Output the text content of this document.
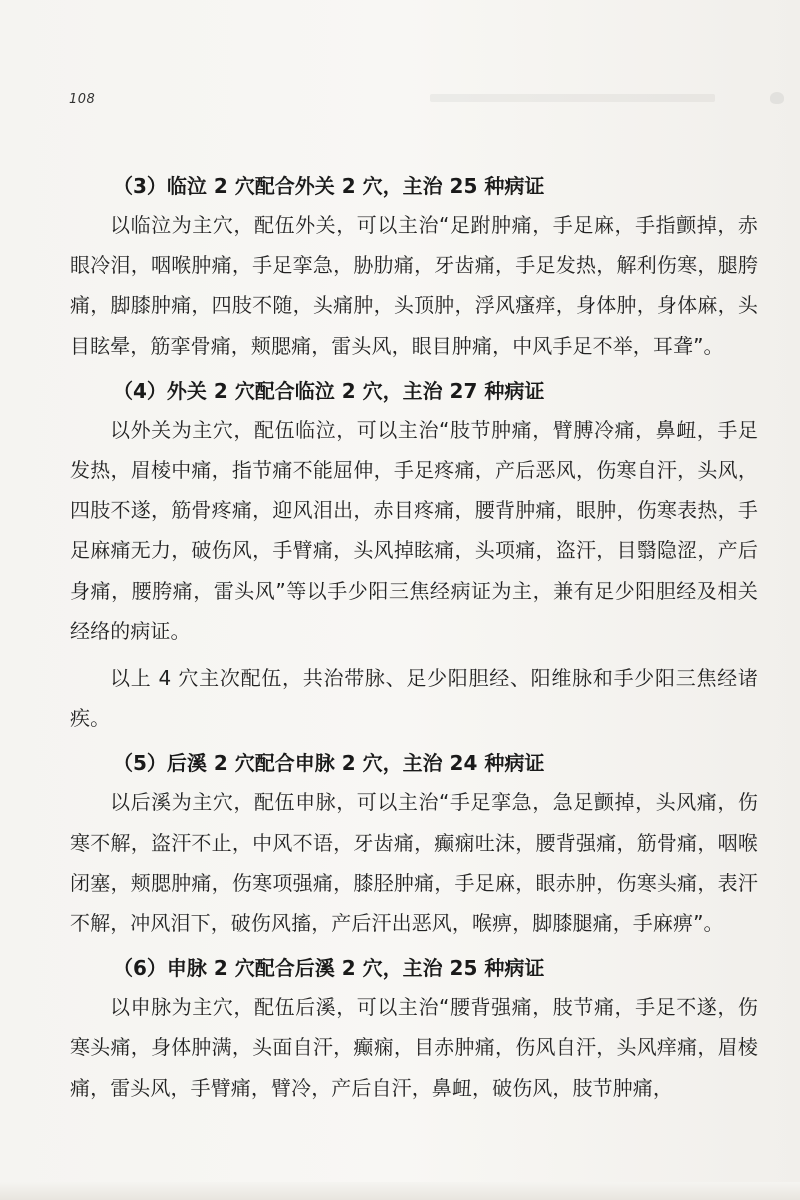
108
（3）临泣 2 穴配合外关 2 穴，主治 25 种病证

以临泣为主穴，配伍外关，可以主治“足跗肿痛，手足麻，手指颤掉，赤眼冷泪，咽喉肿痛，手足挛急，胁肋痛，牙齿痛，手足发热，解利伤寒，腿胯痛，脚膝肿痛，四肢不随，头痛肿，头顶肿，浮风瘙痒，身体肿，身体麻，头目眩晕，筋挛骨痛，颊腮痛，雷头风，眼目肿痛，中风手足不举，耳聋”。

（4）外关 2 穴配合临泣 2 穴，主治 27 种病证

以外关为主穴，配伍临泣，可以主治“肢节肿痛，臂膊冷痛，鼻衄，手足发热，眉棱中痛，指节痛不能屈伸，手足疼痛，产后恶风，伤寒自汗，头风，四肢不遂，筋骨疼痛，迎风泪出，赤目疼痛，腰背肿痛，眼肿，伤寒表热，手足麻痛无力，破伤风，手臂痛，头风掉眩痛，头项痛，盗汗，目翳隐涩，产后身痛，腰胯痛，雷头风”等以手少阳三焦经病证为主，兼有足少阳胆经及相关经络的病证。

以上 4 穴主次配伍，共治带脉、足少阳胆经、阳维脉和手少阳三焦经诸疾。

（5）后溪 2 穴配合申脉 2 穴，主治 24 种病证

以后溪为主穴，配伍申脉，可以主治“手足挛急，急足颤掉，头风痛，伤寒不解，盗汗不止，中风不语，牙齿痛，癫痫吐沫，腰背强痛，筋骨痛，咽喉闭塞，颊腮肿痛，伤寒项强痛，膝胫肿痛，手足麻，眼赤肿，伤寒头痛，表汗不解，冲风泪下，破伤风搐，产后汗出恶风，喉痹，脚膝腿痛，手麻痹”。

（6）申脉 2 穴配合后溪 2 穴，主治 25 种病证

以申脉为主穴，配伍后溪，可以主治“腰背强痛，肢节痛，手足不遂，伤寒头痛，身体肿满，头面自汗，癫痫，目赤肿痛，伤风自汗，头风痒痛，眉棱痛，雷头风，手臂痛，臂冷，产后自汗，鼻衄，破伤风，肢节肿痛，
